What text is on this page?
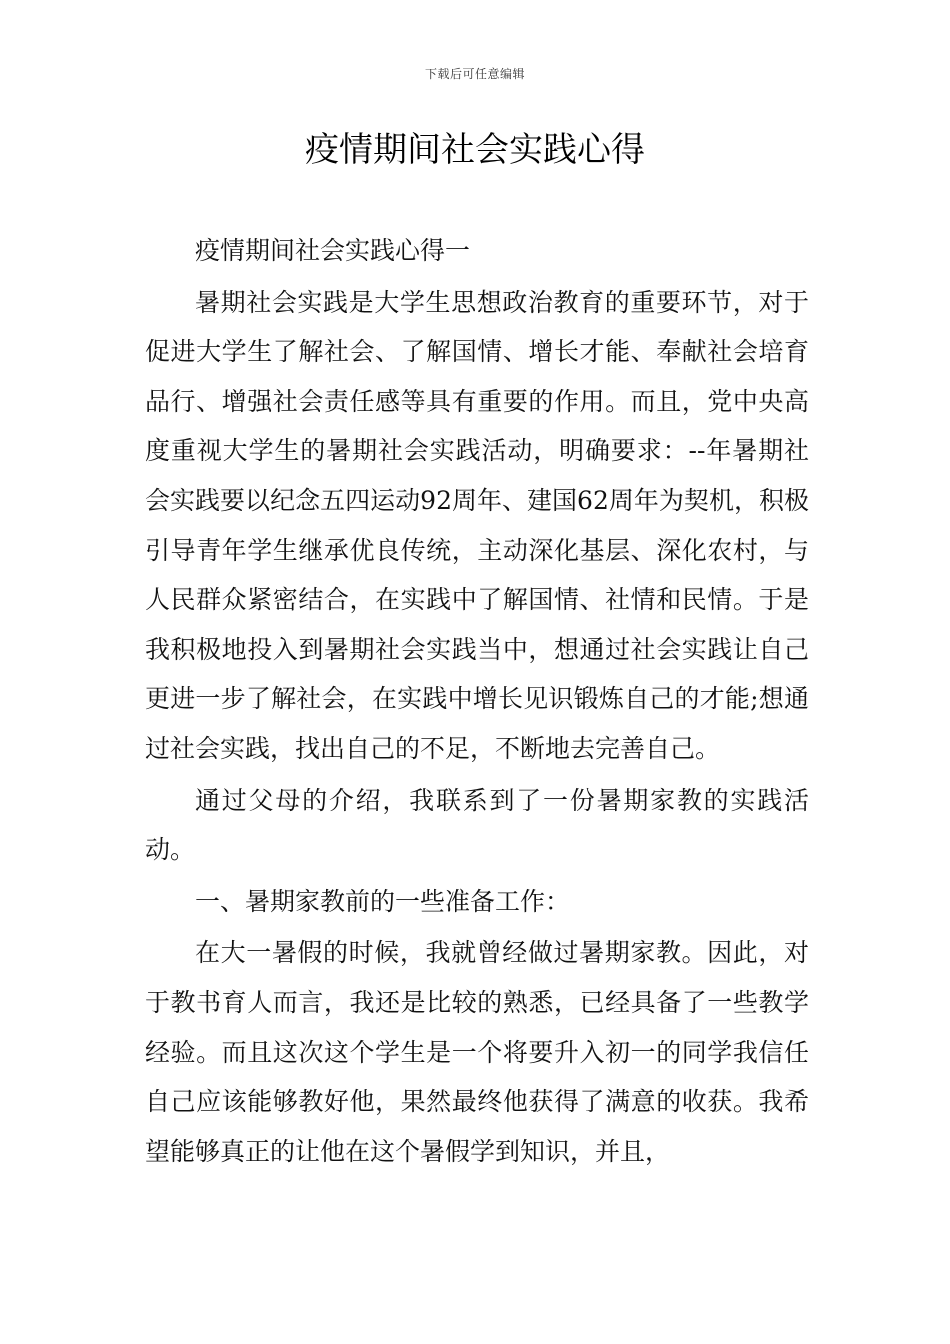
下载后可任意编辑
疫情期间社会实践心得

疫情期间社会实践心得一

暑期社会实践是大学生思想政治教育的重要环节，对于促进大学生了解社会、了解国情、增长才能、奉献社会培育品行、增强社会责任感等具有重要的作用。而且，党中央高度重视大学生的暑期社会实践活动，明确要求：--年暑期社会实践要以纪念五四运动92周年、建国62周年为契机，积极引导青年学生继承优良传统，主动深化基层、深化农村，与人民群众紧密结合，在实践中了解国情、社情和民情。于是我积极地投入到暑期社会实践当中，想通过社会实践让自己更进一步了解社会，在实践中增长见识锻炼自己的才能;想通过社会实践，找出自己的不足，不断地去完善自己。

通过父母的介绍，我联系到了一份暑期家教的实践活动。

一、暑期家教前的一些准备工作：

在大一暑假的时候，我就曾经做过暑期家教。因此，对于教书育人而言，我还是比较的熟悉，已经具备了一些教学经验。而且这次这个学生是一个将要升入初一的同学我信任自己应该能够教好他，果然最终他获得了满意的收获。我希望能够真正的让他在这个暑假学到知识，并且，
